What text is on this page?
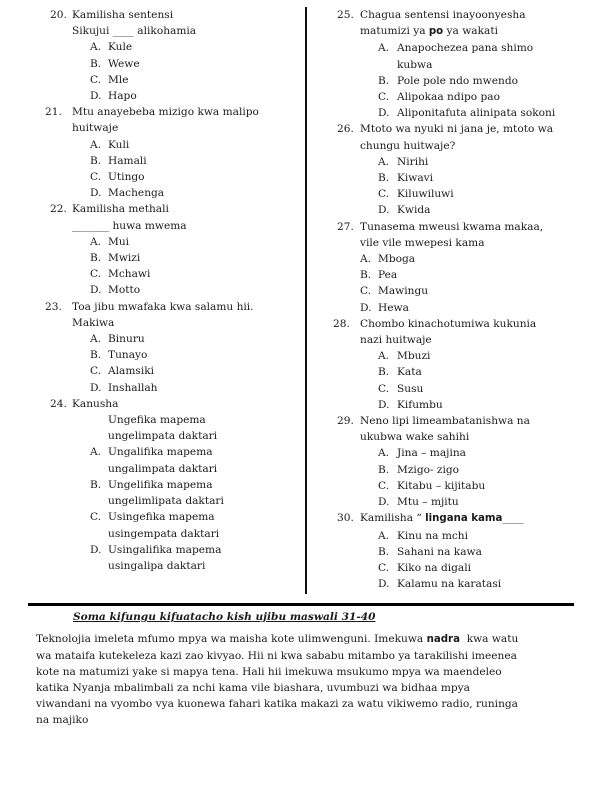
20. Kamilisha sentensi
Sikujui ____ alikohamia
A. Kule
B. Wewe
C. Mle
D. Hapo
21. Mtu anayebeba mizigo kwa malipo
huitwaje
A. Kuli
B. Hamali
C. Utingo
D. Machenga
22. Kamilisha methali
_______ huwa mwema
A. Mui
B. Mwizi
C. Mchawi
D. Motto
23. Toa jibu mwafaka kwa salamu hii.
Makiwa
A. Binuru
B. Tunayo
C. Alamsiki
D. Inshallah
24. Kanusha
Ungefika mapema
ungelimpata daktari
A. Ungalifika mapema
ungalimpata daktari
B. Ungelifika mapema
ungelimlipata daktari
C. Usingefika mapema
usingempata daktari
D. Usingalifika mapema
usingalipa daktari
25. Chagua sentensi inayoonyesha
matumizi ya po ya wakati
A. Anapochezea pana shimo
kubwa
B. Pole pole ndo mwendo
C. Alipokaa ndipo pao
D. Aliponitafuta alinipata sokoni
26. Mtoto wa nyuki ni jana je, mtoto wa
chungu huitwaje?
A. Nirihi
B. Kiwavi
C. Kiluwiluwi
D. Kwida
27. Tunasema mweusi kwama makaa,
vile vile mwepesi kama
A. Mboga
B. Pea
C. Mawingu
D. Hewa
28. Chombo kinachotumiwa kukunia
nazi huitwaje
A. Mbuzi
B. Kata
C. Susu
D. Kifumbu
29. Neno lipi limeambatanishwa na
ukubwa wake sahihi
A. Jina – majina
B. Mzigo- zigo
C. Kitabu – kijitabu
D. Mtu – mjitu
30. Kamilisha “ lingana kama____
A. Kinu na mchi
B. Sahani na kawa
C. Kiko na digali
D. Kalamu na karatasi
Soma kifungu kifuatacho kish ujibu maswali 31-40
Teknolojia imeleta mfumo mpya wa maisha kote ulimwenguni. Imekuwa nadra  kwa watu
wa mataifa kutekeleza kazi zao kivyao. Hii ni kwa sababu mitambo ya tarakilishi imeenea
kote na matumizi yake si mapya tena. Hali hii imekuwa msukumo mpya wa maendeleo
katika Nyanja mbalimbali za nchi kama vile biashara, uvumbuzi wa bidhaa mpya
viwandani na vyombo vya kuonewa fahari katika makazi za watu vikiwemo radio, runinga
na majiko
